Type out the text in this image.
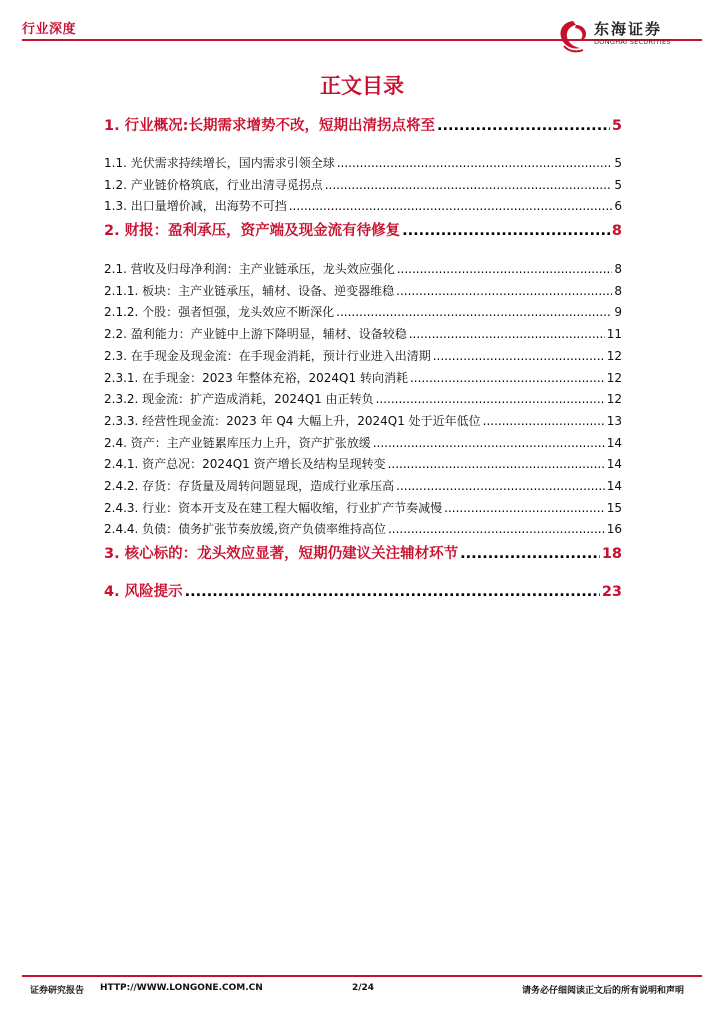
行业深度	东海证券
DONGHAI SECURITIES
正文目录
1. 行业概况:长期需求增势不改，短期出清拐点将至 .....	5
1.1. 光伏需求持续增长，国内需求引领全球 .....	5
1.2. 产业链价格筑底，行业出清寻觅拐点 .....	5
1.3. 出口量增价减，出海势不可挡 .....	6
2. 财报：盈利承压，资产端及现金流有待修复 .....	8
2.1. 营收及归母净利润：主产业链承压，龙头效应强化 .....	8
2.1.1. 板块：主产业链承压，辅材、设备、逆变器维稳 .....	8
2.1.2. 个股：强者恒强，龙头效应不断深化 .....	9
2.2. 盈利能力：产业链中上游下降明显，辅材、设备较稳 .....	11
2.3. 在手现金及现金流：在手现金消耗，预计行业进入出清期 .....	12
2.3.1. 在手现金：2023 年整体充裕，2024Q1 转向消耗 .....	12
2.3.2. 现金流：扩产造成消耗，2024Q1 由正转负 .....	12
2.3.3. 经营性现金流：2023 年 Q4 大幅上升，2024Q1 处于近年低位 .....	13
2.4. 资产：主产业链累库压力上升，资产扩张放缓 .....	14
2.4.1. 资产总况：2024Q1 资产增长及结构呈现转变 .....	14
2.4.2. 存货：存货量及周转问题显现，造成行业承压高 .....	14
2.4.3. 行业：资本开支及在建工程大幅收缩，行业扩产节奏减慢 .....	15
2.4.4. 负债：债务扩张节奏放缓,资产负债率维持高位 .....	16
3. 核心标的：龙头效应显著，短期仍建议关注辅材环节 .....	18
4. 风险提示 .....	23
证券研究报告 HTTP://WWW.LONGONE.COM.CN	2/24	请务必仔细阅读正文后的所有说明和声明
